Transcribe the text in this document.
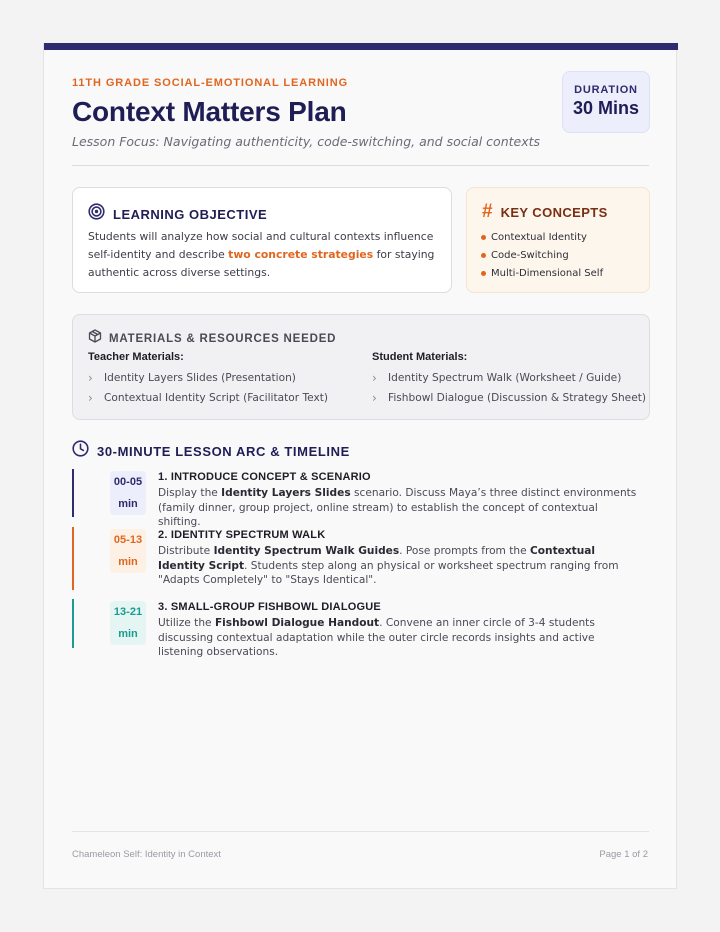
11TH GRADE SOCIAL-EMOTIONAL LEARNING
Context Matters Plan
Lesson Focus: Navigating authenticity, code-switching, and social contexts
DURATION
30 Mins
LEARNING OBJECTIVE
Students will analyze how social and cultural contexts influence self-identity and describe two concrete strategies for staying authentic across diverse settings.
# KEY CONCEPTS
Contextual Identity
Code-Switching
Multi-Dimensional Self
MATERIALS & RESOURCES NEEDED
Teacher Materials:
›	Identity Layers Slides (Presentation)
›	Contextual Identity Script (Facilitator Text)
Student Materials:
›	Identity Spectrum Walk (Worksheet / Guide)
›	Fishbowl Dialogue (Discussion & Strategy Sheet)
30-MINUTE LESSON ARC & TIMELINE
00-05
min
1. INTRODUCE CONCEPT & SCENARIO
Display the Identity Layers Slides scenario. Discuss Maya’s three distinct environments (family dinner, group project, online stream) to establish the concept of contextual shifting.
05-13
min
2. IDENTITY SPECTRUM WALK
Distribute Identity Spectrum Walk Guides. Pose prompts from the Contextual Identity Script. Students step along an physical or worksheet spectrum ranging from "Adapts Completely" to "Stays Identical".
13-21
min
3. SMALL-GROUP FISHBOWL DIALOGUE
Utilize the Fishbowl Dialogue Handout. Convene an inner circle of 3-4 students discussing contextual adaptation while the outer circle records insights and active listening observations.
Chameleon Self: Identity in Context	Page 1 of 2
